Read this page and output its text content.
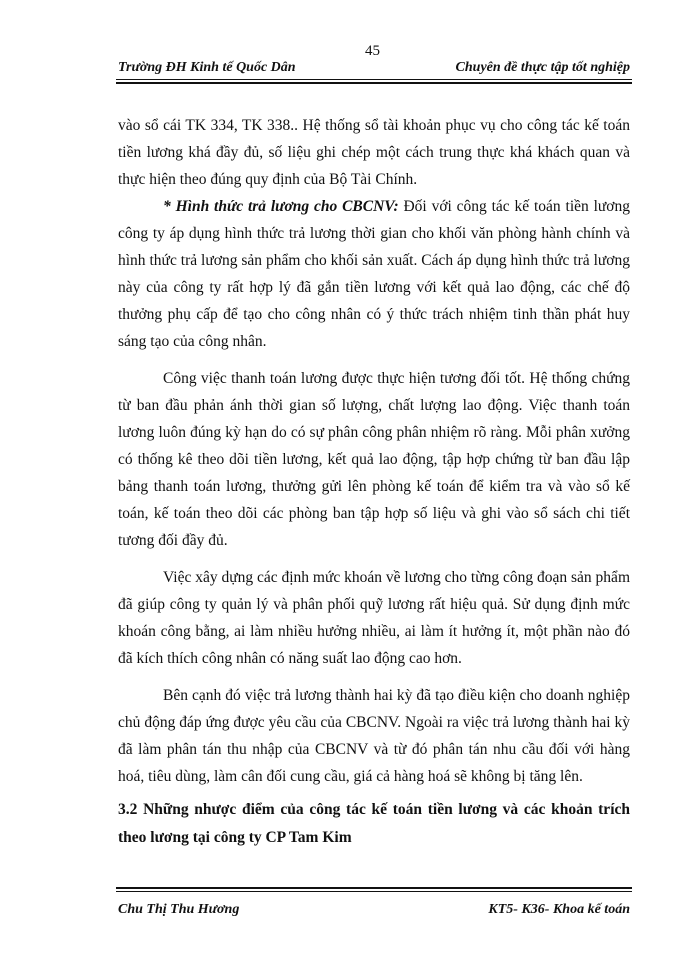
45
Trường ĐH Kinh tế Quốc Dân	Chuyên đề thực tập tốt nghiệp

vào sổ cái TK 334, TK 338.. Hệ thống sổ tài khoản phục vụ cho công tác kế toán tiền lương khá đầy đủ, số liệu ghi chép một cách trung thực khá khách quan và thực hiện theo đúng quy định của Bộ Tài Chính.

* Hình thức trả lương cho CBCNV: Đối với công tác kế toán tiền lương công ty áp dụng hình thức trả lương thời gian cho khối văn phòng hành chính và hình thức trả lương sản phẩm cho khối sản xuất. Cách áp dụng hình thức trả lương này của công ty rất hợp lý đã gắn tiền lương với kết quả lao động, các chế độ thưởng phụ cấp để tạo cho công nhân có ý thức trách nhiệm tinh thần phát huy sáng tạo của công nhân.

Công việc thanh toán lương được thực hiện tương đối tốt. Hệ thống chứng từ ban đầu phản ánh thời gian số lượng, chất lượng lao động. Việc thanh toán lương luôn đúng kỳ hạn do có sự phân công phân nhiệm rõ ràng. Mỗi phân xưởng có thống kê theo dõi tiền lương, kết quả lao động, tập hợp chứng từ ban đầu lập bảng thanh toán lương, thưởng gửi lên phòng kế toán để kiểm tra và vào sổ kế toán, kế toán theo dõi các phòng ban tập hợp số liệu và ghi vào sổ sách chi tiết tương đối đầy đủ.

Việc xây dựng các định mức khoán về lương cho từng công đoạn sản phẩm đã giúp công ty quản lý và phân phối quỹ lương rất hiệu quả. Sử dụng định mức khoán công bằng, ai làm nhiều hưởng nhiều, ai làm ít hưởng ít, một phần nào đó đã kích thích công nhân có năng suất lao động cao hơn.

Bên cạnh đó việc trả lương thành hai kỳ đã tạo điều kiện cho doanh nghiệp chủ động đáp ứng được yêu cầu của CBCNV. Ngoài ra việc trả lương thành hai kỳ đã làm phân tán thu nhập của CBCNV và từ đó phân tán nhu cầu đối với hàng hoá, tiêu dùng, làm cân đối cung cầu, giá cả hàng hoá sẽ không bị tăng lên.

3.2 Những nhược điểm của công tác kế toán tiền lương và các khoản trích theo lương tại công ty CP Tam Kim
Chu Thị Thu Hương	KT5- K36- Khoa kế toán
